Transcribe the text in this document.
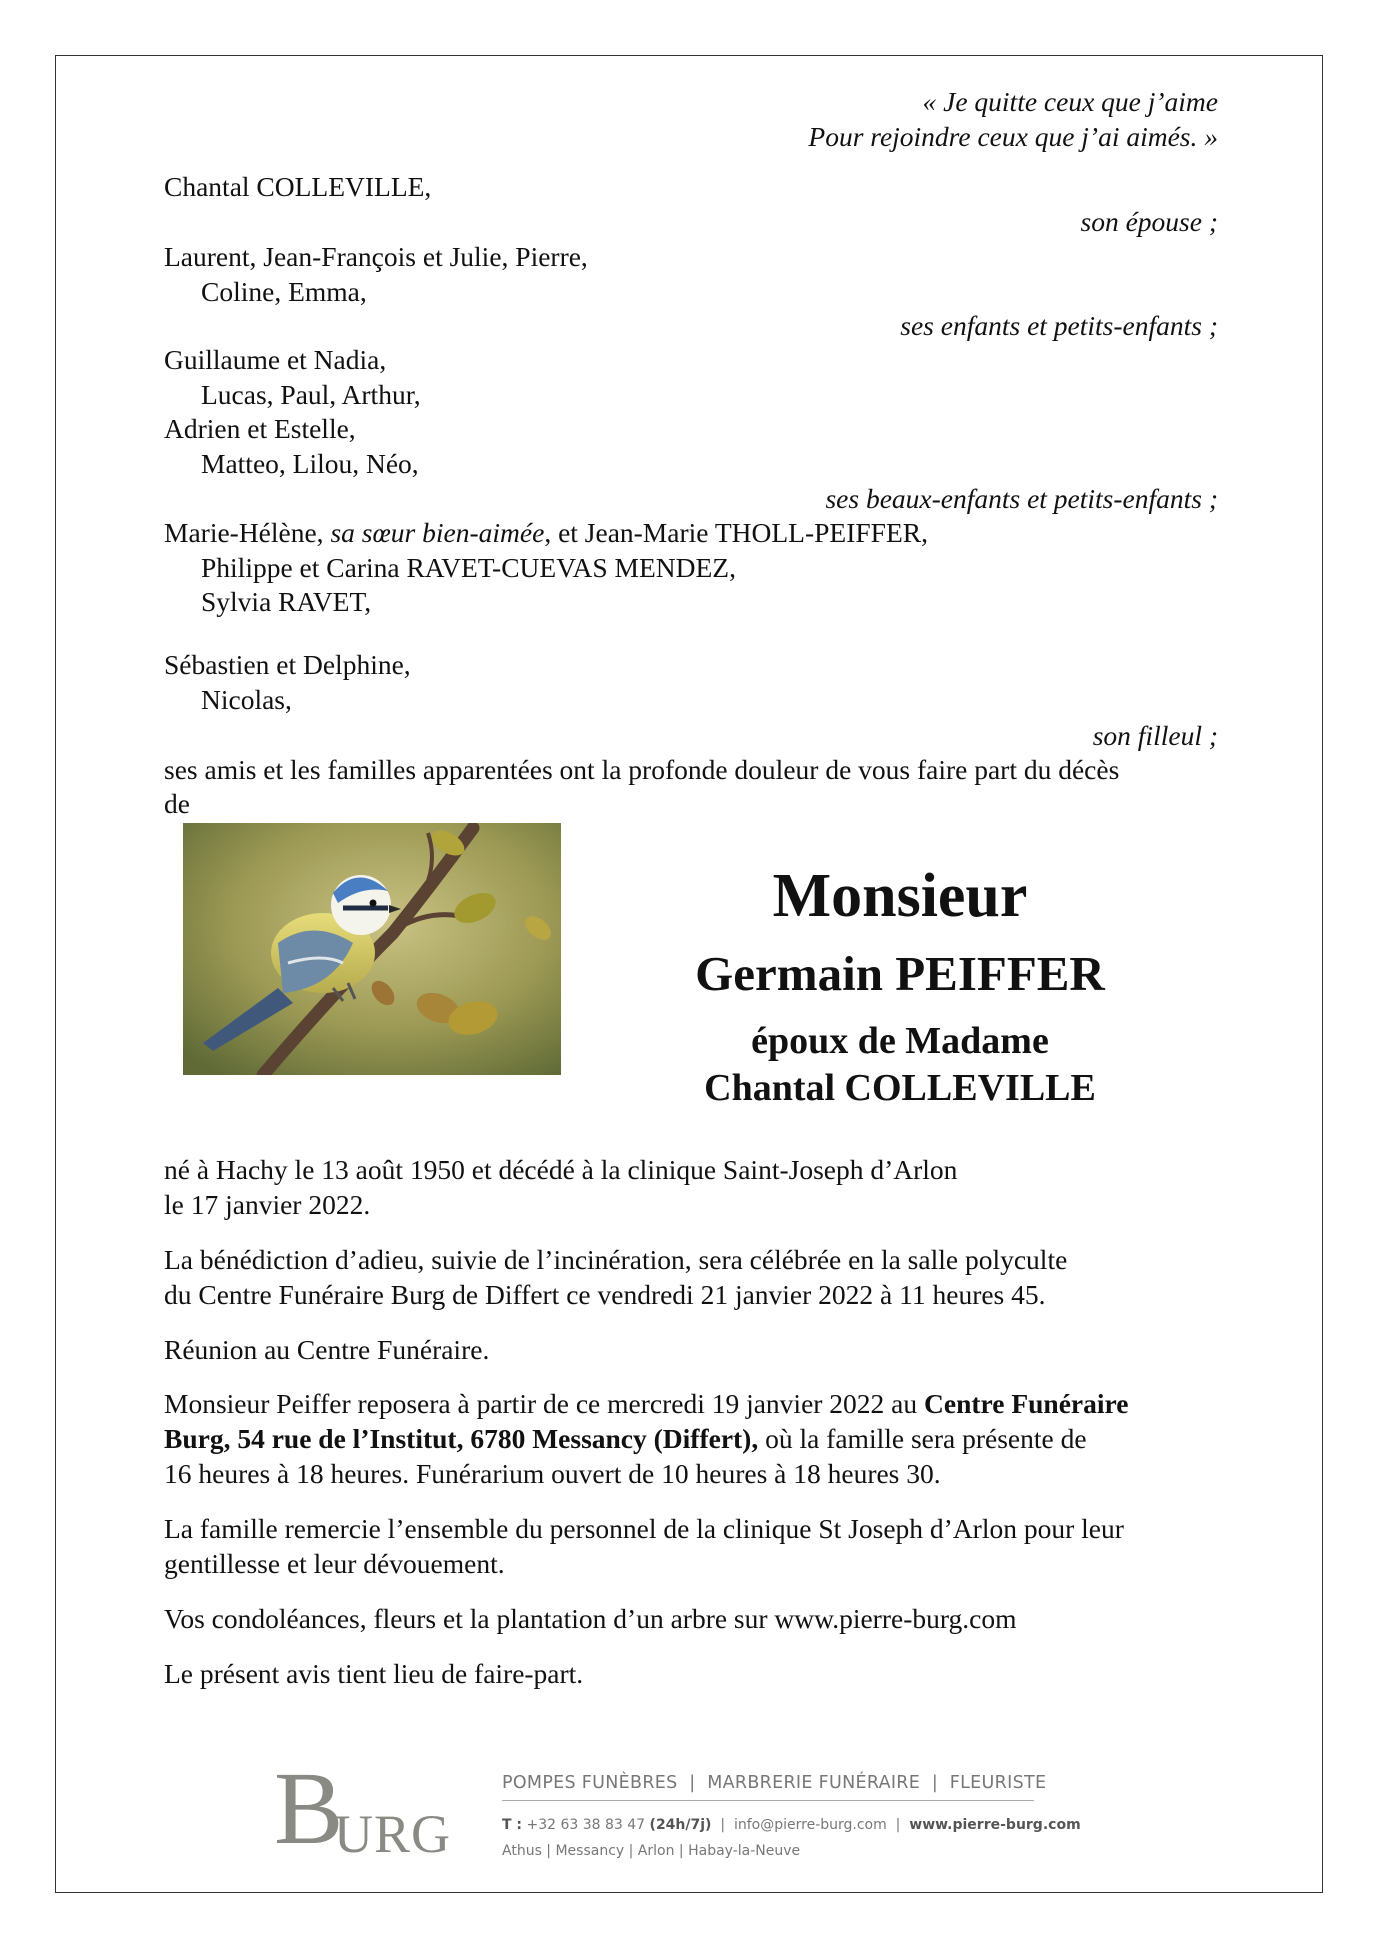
« Je quitte ceux que j’aime
Pour rejoindre ceux que j’ai aimés. »
Chantal COLLEVILLE,
son épouse ;
Laurent, Jean-François et Julie, Pierre,
Coline, Emma,
ses enfants et petits-enfants ;
Guillaume et Nadia,
Lucas, Paul, Arthur,
Adrien et Estelle,
Matteo, Lilou, Néo,
ses beaux-enfants et petits-enfants ;
Marie-Hélène, sa sœur bien-aimée, et Jean-Marie THOLL-PEIFFER,
Philippe et Carina RAVET-CUEVAS MENDEZ,
Sylvia RAVET,
Sébastien et Delphine,
Nicolas,
son filleul ;
ses amis et les familles apparentées ont la profonde douleur de vous faire part du décès
de
Monsieur
Germain PEIFFER
époux de Madame
Chantal COLLEVILLE
né à Hachy le 13 août 1950 et décédé à la clinique Saint-Joseph d’Arlon
le 17 janvier 2022.
La bénédiction d’adieu, suivie de l’incinération, sera célébrée en la salle polyculte
du Centre Funéraire Burg de Differt ce vendredi 21 janvier 2022 à 11 heures 45.
Réunion au Centre Funéraire.
Monsieur Peiffer reposera à partir de ce mercredi 19 janvier 2022 au Centre Funéraire
Burg, 54 rue de l’Institut, 6780 Messancy (Differt), où la famille sera présente de
16 heures à 18 heures. Funérarium ouvert de 10 heures à 18 heures 30.
La famille remercie l’ensemble du personnel de la clinique St Joseph d’Arlon pour leur
gentillesse et leur dévouement.
Vos condoléances, fleurs et la plantation d’un arbre sur www.pierre-burg.com
Le présent avis tient lieu de faire-part.
B
URG
POMPES FUNÈBRES  |  MARBRERIE FUNÉRAIRE  |  FLEURISTE
T : +32 63 38 83 47 (24h/7j)  |  info@pierre-burg.com  |  www.pierre-burg.com
Athus | Messancy | Arlon | Habay-la-Neuve
